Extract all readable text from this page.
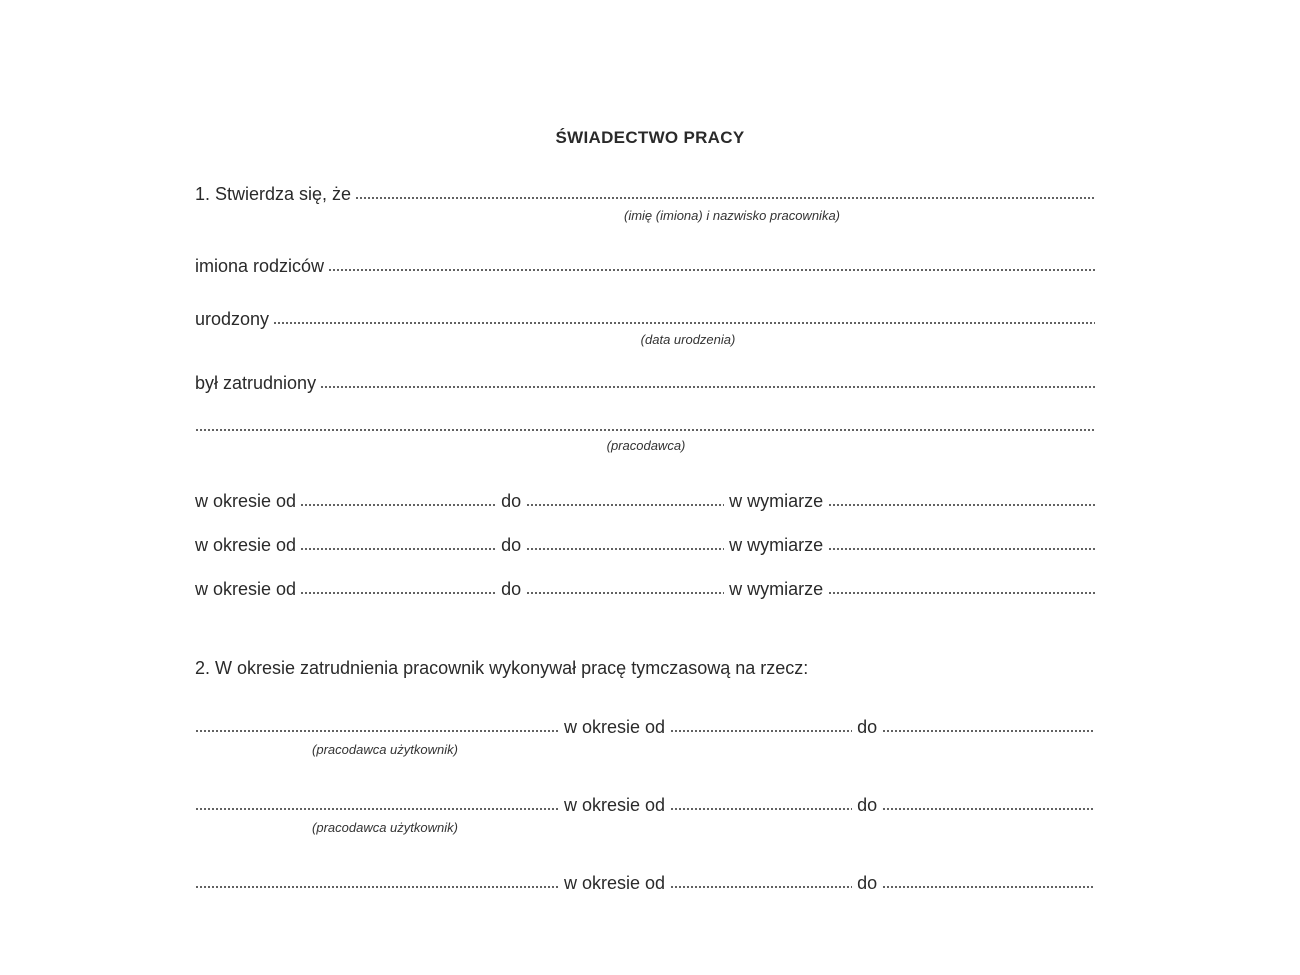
ŚWIADECTWO PRACY
1. Stwierdza się, że
(imię (imiona) i nazwisko pracownika)
imiona rodziców
urodzony
(data urodzenia)
był zatrudniony
(pracodawca)
w okresie od	do	w wymiarze
w okresie od	do	w wymiarze
w okresie od	do	w wymiarze
2. W okresie zatrudnienia pracownik wykonywał pracę tymczasową na rzecz:
w okresie od	do
(pracodawca użytkownik)
w okresie od	do
(pracodawca użytkownik)
w okresie od	do
